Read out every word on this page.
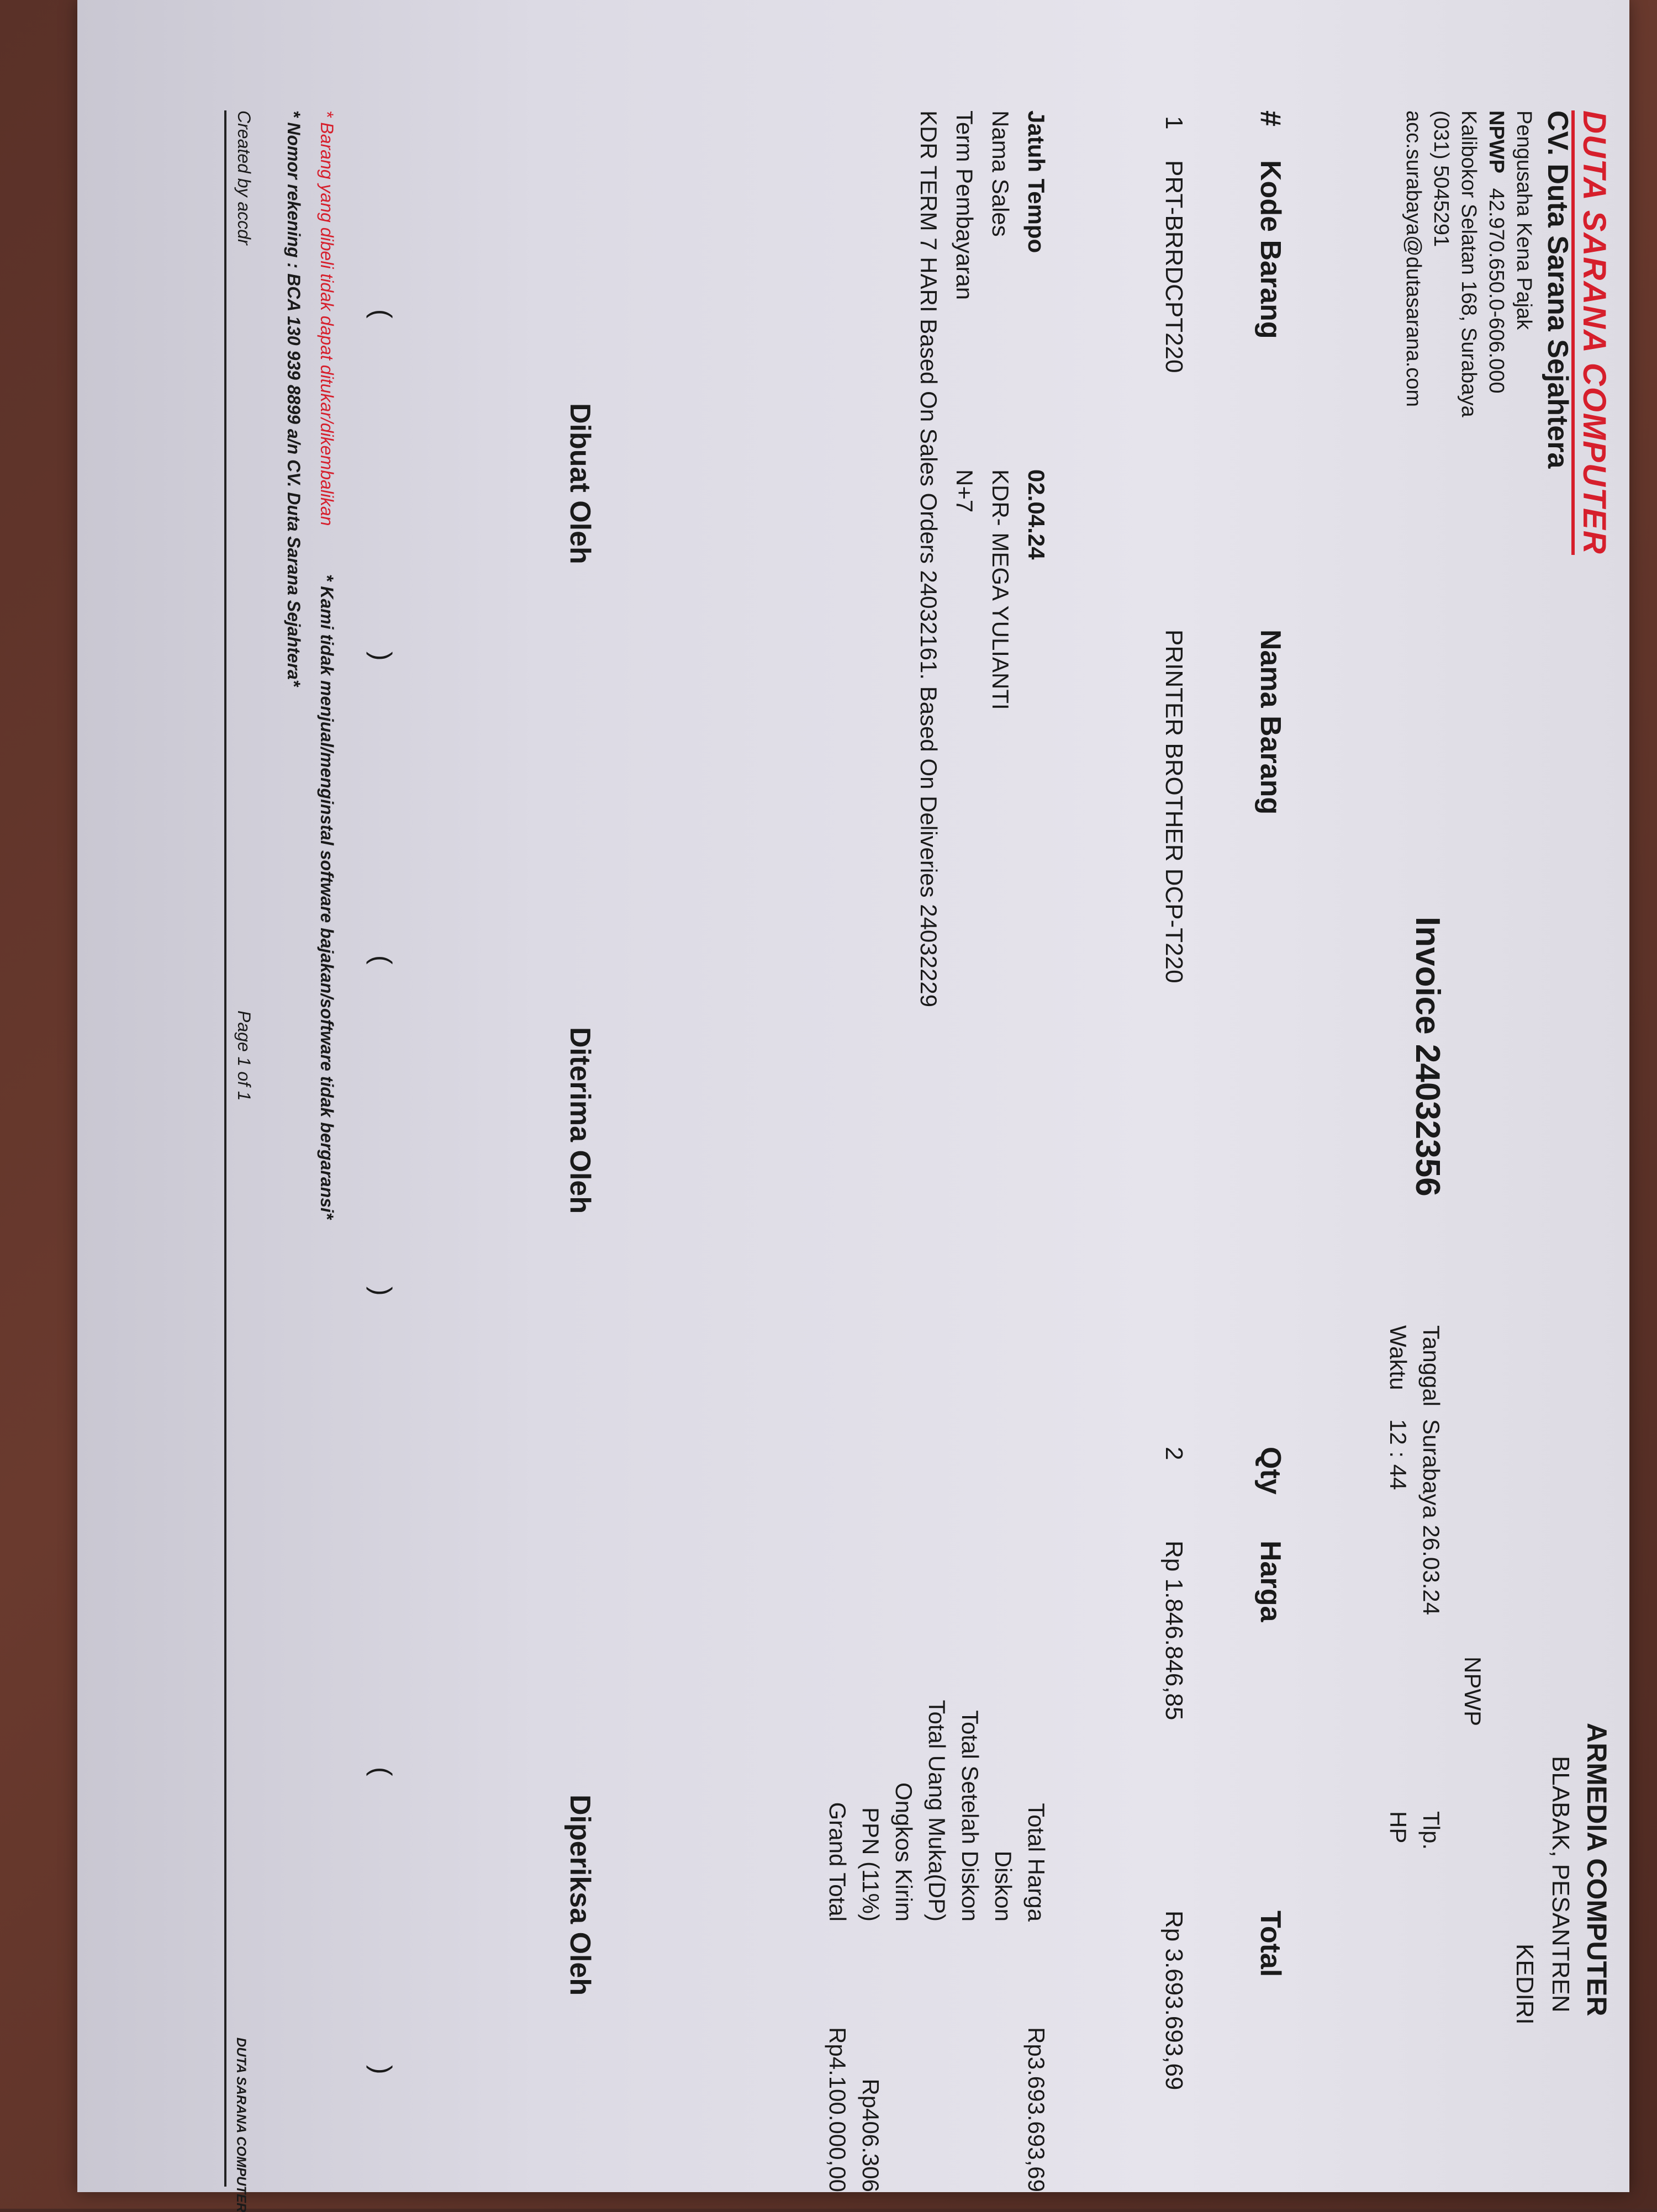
DUTA SARANA COMPUTER
CV. Duta Sarana Sejahtera
Pengusaha Kena Pajak
NPWP 42.970.650.0-606.000
Kalibokor Selatan 168, Surabaya
(031) 5045291
acc.surabaya@dutasarana.com
ARMEDIA COMPUTER
BLABAK, PESANTREN
KEDIRI
NPWP
Tlp.
HP
Invoice 24032356
Tanggal
Surabaya 26.03.24
Waktu
12 : 44
#
Kode Barang
Nama Barang
Qty
Harga
Total
1
PRT-BRRDCPT220
PRINTER BROTHER DCP-T220
2
Rp 1.846.846,85
Rp 3.693.693,69
Jatuh Tempo
02.04.24
Nama Sales
KDR- MEGA YULIANTI
Term Pembayaran
N+7
KDR TERM 7 HARI Based On Sales Orders 24032161. Based On Deliveries 24032229
Total Harga
Rp3.693.693,69
Diskon
Total Setelah Diskon
Total Uang Muka(DP)
Ongkos Kirim
PPN (11%)
Rp406.306
Grand Total
Rp4.100.000,00
Dibuat Oleh
Diterima Oleh
Diperiksa Oleh
(
)
(
)
(
)
* Barang yang dibeli tidak dapat ditukar/dikembalikan
* Kami tidak menjual/menginstal software bajakan/software tidak bergaransi*
* Nomor rekening : BCA 130 939 8899 a/n CV. Duta Sarana Sejahtera*
Created by accdr
Page 1 of 1
DUTA SARANA COMPUTER
